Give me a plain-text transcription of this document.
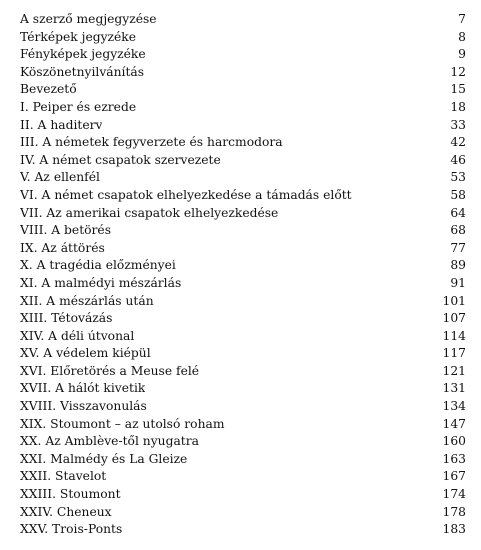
A szerző megjegyzése	7
Térképek jegyzéke	8
Fényképek jegyzéke	9
Köszönetnyilvánítás	12
Bevezető	15
I. Peiper és ezrede	18
II. A haditerv	33
III. A németek fegyverzete és harcmodora	42
IV. A német csapatok szervezete	46
V. Az ellenfél	53
VI. A német csapatok elhelyezkedése a támadás előtt	58
VII. Az amerikai csapatok elhelyezkedése	64
VIII. A betörés	68
IX. Az áttörés	77
X. A tragédia előzményei	89
XI. A malmédyi mészárlás	91
XII. A mészárlás után	101
XIII. Tétovázás	107
XIV. A déli útvonal	114
XV. A védelem kiépül	117
XVI. Előretörés a Meuse felé	121
XVII. A hálót kivetik	131
XVIII. Visszavonulás	134
XIX. Stoumont – az utolsó roham	147
XX. Az Amblève-től nyugatra	160
XXI. Malmédy és La Gleize	163
XXII. Stavelot	167
XXIII. Stoumont	174
XXIV. Cheneux	178
XXV. Trois-Ponts	183
